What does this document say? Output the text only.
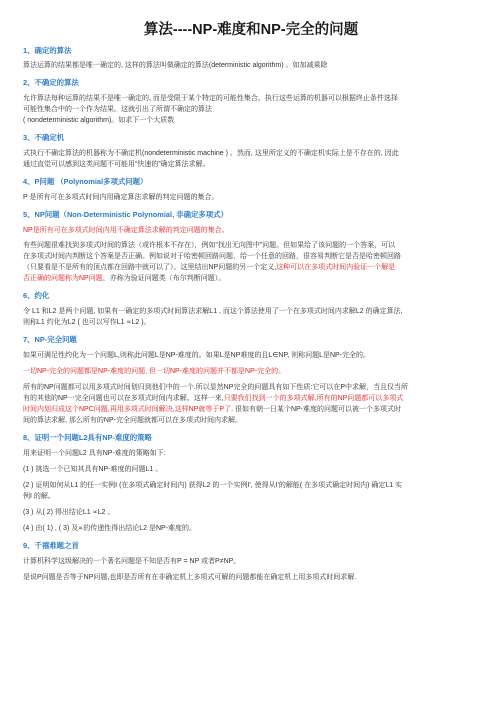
算法----NP-难度和NP-完全的问题
1、确定的算法

算法运算的结果都是唯一确定的, 这样的算法叫做确定的算法(deterministic algorithm) 。如加减乘除

2、不确定的算法

允许算法每种运算的结果不是唯一确定的, 而是受限于某个特定的可能性集合。执行这些运算的机器可以根据终止条件选择

可能性集合中的一个作为结果。这就引出了所谓不确定的算法

( nondeterministic algorithm)。如求下一个大质数

3、不确定机

式执行不确定算法的机器称为不确定机(nondeterministic machine ) 。然而, 这里所定义的不确定机实际上是不存在的, 因此

通过直觉可以感到这类问题不可能用“快速的”确定算法求解。

4、P问题 （Polynomial多项式问题）

P 是所有可在多项式时间内用确定算法求解的判定问题的集合。

5、NP问题（Non-Deterministic Polynomial, 非确定多项式）

NP是所有可在多项式时间内用不确定算法求解的判定问题的集合。

有些问题很难找到多项式时间的算法（或许根本不存在），例如“找出无向图中”问题。但如果给了该问题的一个答案，可以

在多项式时间内判断这个答案是否正确。例如说对于哈密顿回路问题，给一个任意的回路，很容易判断它是否是哈密顿回路

（只要看是不是所有的顶点都在回路中就可以了）。这里结出NP问题的另一个定义,这种可以在多项式时间内验证一个解是

否正确的问题称为NP问题，亦称为验证问题类（布尔判断问题）。

6、约化

令 L1 和L2 是两个问题, 如果有一确定的多项式时间算法求解L1 , 而这个算法使用了一个在多项式时间内求解L2 的确定算法,

则称L1 约化为L2 ( 也可以写作L1 ∝L2 )。

7、NP-完全问题

如果可满足性约化为一个问题L,则称此问题L是NP-难度的。如果L是NP难度的且L∈NP, 则称问题L是NP-完全的。

一切NP-完全的问题都是NP-难度的问题, 但一切NP-难度的问题并不都是NP-完全的。

所有的NP问题都可以用多项式时间划归到他们中的一个.所以显然NP完全的问题具有如下性质:它可以在P中求解，当且仅当所

有的其他的NP一完全问题也可以在多项式时间内求解。这样一来,只要我们找到一个的多项式解,所有的NP问题都可以多项式

时间内划归成这个NPC问题,再用多项式时间解决,这样NP就等于P了. 很如有朝一日某个NP-难度的问题可以被一个多项式时

间的算法求解, 那么所有的NP-完全问题就都可以在多项式时间内求解。

8、证明一个问题L2具有NP-难度的策略

用来证明一个问题L2 具有NP-难度的策略如下:

(1 ) 挑选一个已知其具有NP-难度的问题L1 。

(2 ) 证明如何从L1 的任一实例I (在多项式确定时间内) 获得L2 的一个实例I', 使得从I'的解能( 在多项式确定时间内) 确定L1 实

例I 的解。

(3 ) 从( 2) 得出结论L1 ∝L2 。

(4 ) 由( 1) , ( 3) 及∝的传递性得出结论L2 是NP-难度的。

9、千禧难题之首

计算机科学这级解决的一个著名问题是不知是否有P = NP 或者P≠NP。

是说P问题是否等于NP问题,也即是否所有在非确定机上多项式可解的问题都能在确定机上用多项式时间求解.
